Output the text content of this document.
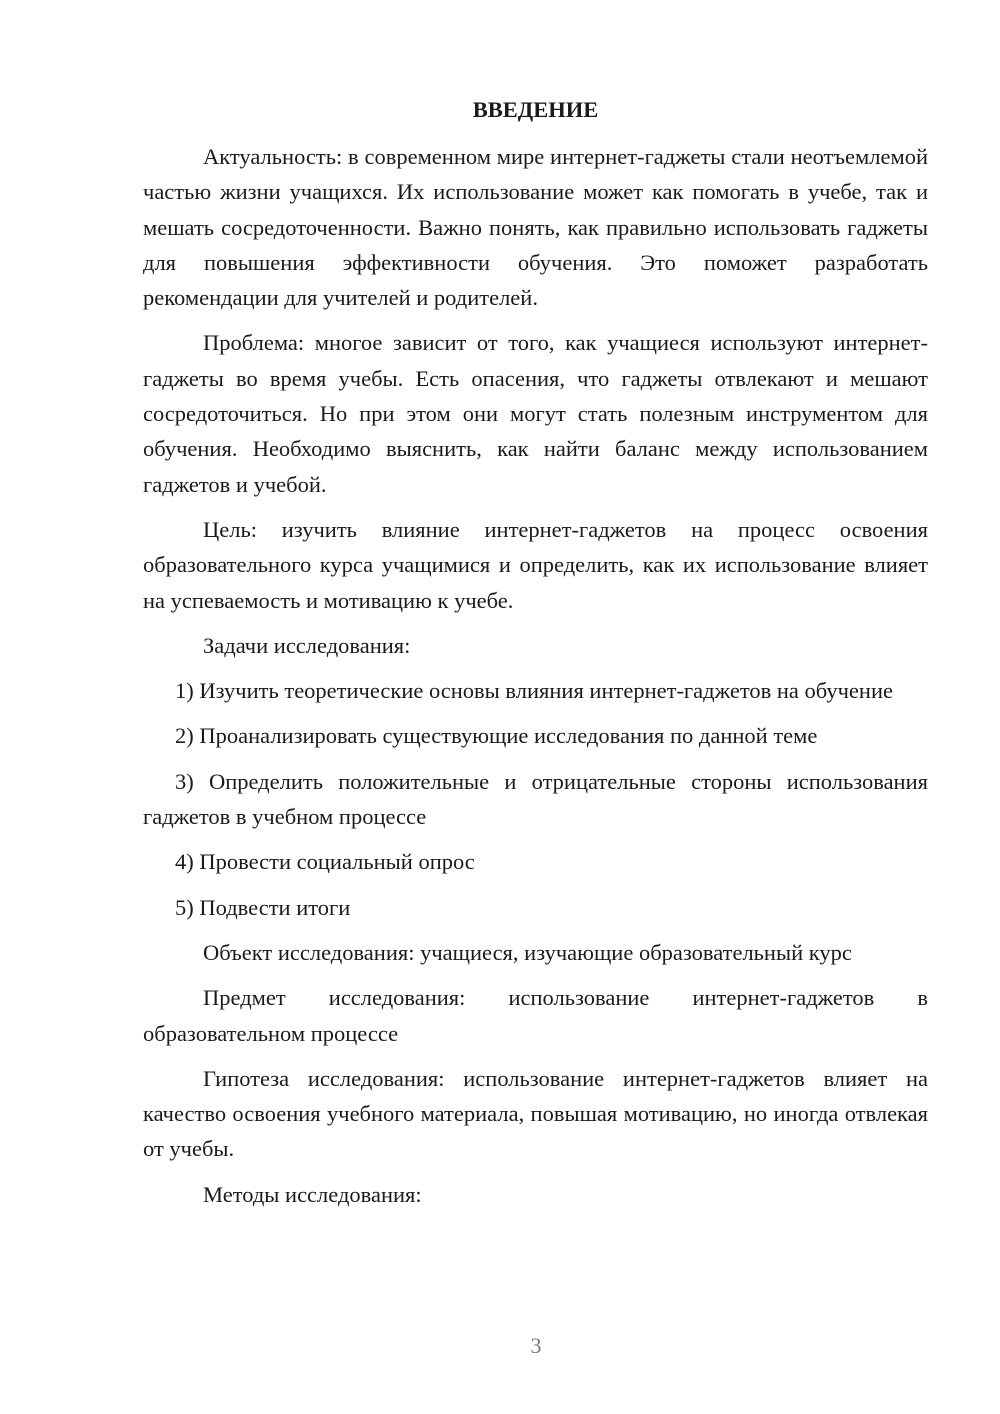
ВВЕДЕНИЕ

Актуальность: в современном мире интернет-гаджеты стали неотъемлемой частью жизни учащихся. Их использование может как помогать в учебе, так и мешать сосредоточенности. Важно понять, как правильно использовать гаджеты для повышения эффективности обучения. Это поможет разработать рекомендации для учителей и родителей.

Проблема: многое зависит от того, как учащиеся используют интернет-гаджеты во время учебы. Есть опасения, что гаджеты отвлекают и мешают сосредоточиться. Но при этом они могут стать полезным инструментом для обучения. Необходимо выяснить, как найти баланс между использованием гаджетов и учебой.

Цель: изучить влияние интернет-гаджетов на процесс освоения образовательного курса учащимися и определить, как их использование влияет на успеваемость и мотивацию к учебе.

Задачи исследования:

1) Изучить теоретические основы влияния интернет-гаджетов на обучение

2) Проанализировать существующие исследования по данной теме

3) Определить положительные и отрицательные стороны использования гаджетов в учебном процессе

4) Провести социальный опрос

5) Подвести итоги

Объект исследования: учащиеся, изучающие образовательный курс

Предмет исследования: использование интернет-гаджетов в образовательном процессе

Гипотеза исследования: использование интернет-гаджетов влияет на качество освоения учебного материала, повышая мотивацию, но иногда отвлекая от учебы.

Методы исследования:

3
